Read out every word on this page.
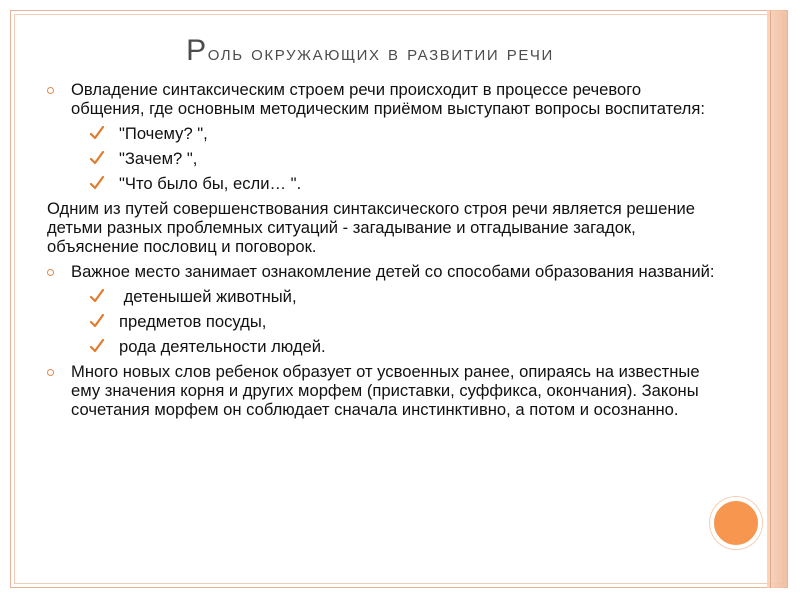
Роль окружающих в развитии речи
Овладение синтаксическим строем речи происходит в процессе речевого общения, где основным методическим приёмом выступают вопросы воспитателя:
"Почему? ",
"Зачем? ",
"Что было бы, если… ".
Одним из путей совершенствования синтаксического строя речи является решение детьми разных проблемных ситуаций - загадывание и отгадывание загадок, объяснение пословиц и поговорок.
Важное место занимает ознакомление детей со способами образования названий:
детенышей животный,
предметов посуды,
рода деятельности людей.
Много новых слов ребенок образует от усвоенных ранее, опираясь на известные ему значения корня и других морфем (приставки, суффикса, окончания). Законы сочетания морфем он соблюдает сначала инстинктивно, а потом и осознанно.
